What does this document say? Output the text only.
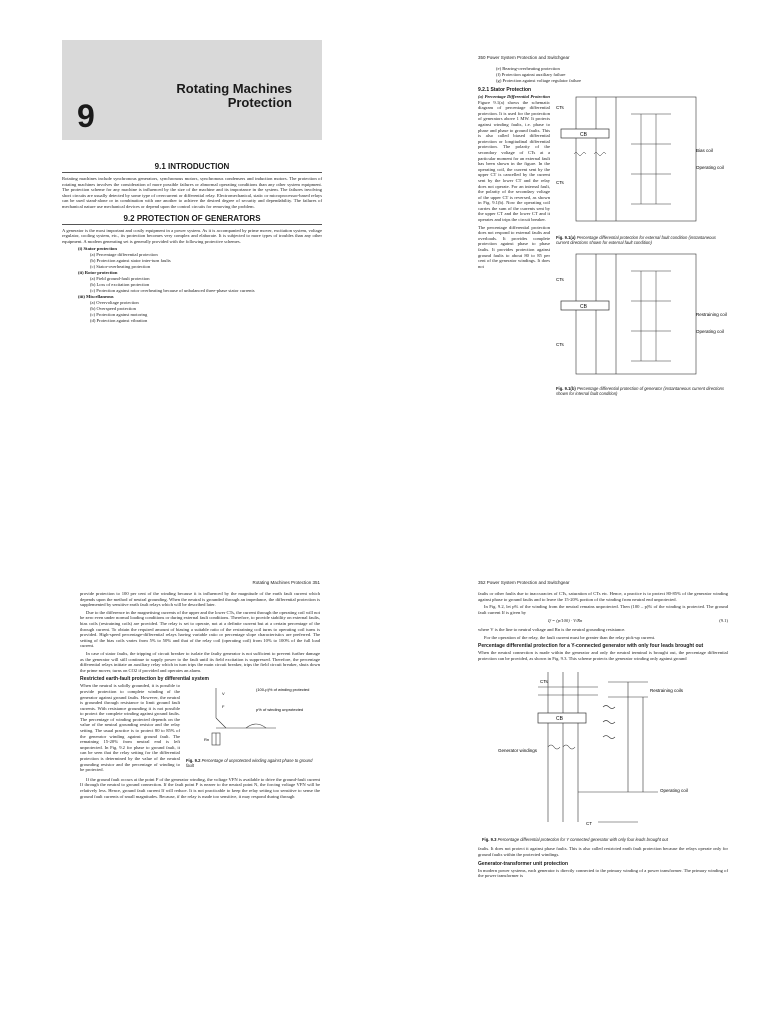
Rotating Machines
Protection
9
9.1 INTRODUCTION

Rotating machines include synchronous generators, synchronous motors, synchronous condensers and induction motors. The protection of rotating machines involves the consideration of more possible failures or abnormal operating conditions than any other system equipment. The protection scheme for any machine is influenced by the size of the machine and its importance in the system. The failures involving short circuits are usually detected by some type of overcurrent or differential relay. Electromechanical, static or microprocessor-based relays can be used stand-alone or in combination with one another to achieve the desired degree of security and dependability. The failures of mechanical nature use mechanical devices or depend upon the control circuits for removing the problem.

9.2 PROTECTION OF GENERATORS

A generator is the most important and costly equipment in a power system. As it is accompanied by prime mover, excitation system, voltage regulator, cooling system, etc., its protection becomes very complex and elaborate. It is subjected to more types of troubles than any other equipment. A modern generating set is generally provided with the following protective schemes.

(i) Stator protection
(a) Percentage differential protection
(b) Protection against stator inter-turn faults
(c) Stator-overheating protection
(ii) Rotor protection
(a) Field ground-fault protection
(b) Loss of excitation protection
(c) Protection against rotor overheating because of unbalanced three-phase stator currents
(iii) Miscellaneous
(a) Overvoltage protection
(b) Overspeed protection
(c) Protection against motoring
(d) Protection against vibration
350 Power System Protection and Switchgear
(e) Bearing-overheating protection
(f) Protection against auxiliary failure
(g) Protection against voltage regulator failure
9.2.1 Stator Protection

(a) Percentage Differential Protection Figure 9.1(a) shows the schematic diagram of percentage differential protection. It is used for the protection of generators above 1 MW. It protects against winding faults, i.e. phase to phase and phase to ground faults. This is also called biased differential protection or longitudinal differential protection. The polarity of the secondary voltage of CTs at a particular moment for an external fault has been shown in the figure. In the operating coil, the current sent by the upper CT is cancelled by the current sent by the lower CT and the relay does not operate. For an internal fault, the polarity of the secondary voltage of the upper CT is reversed, as shown in Fig. 9.1(b). Now the operating coil carries the sum of the currents sent by the upper CT and the lower CT and it operates and trips the circuit breaker.

The percentage differential protection does not respond to external faults and overloads. It provides complete protection against phase to phase faults. It provides protection against ground faults to about 80 to 85 per cent of the generator windings. It does not

CB
CTs
CTs
Bias coil
Operating coil
Fig. 9.1(a) Percentage differential protection for external fault condition (instantaneous current directions shown for external fault condition)
CB
CTs
CTs
Restraining coil
Operating coil
Fig. 9.1(b) Percentage differential protection of generator (instantaneous current directions shown for internal fault condition)
Rotating Machines Protection 351

provide protection to 100 per cent of the winding because it is influenced by the magnitude of the earth fault current which depends upon the method of neutral grounding. When the neutral is grounded through an impedance, the differential protection is supplemented by sensitive earth fault relays which will be described later.

Due to the difference in the magnetising currents of the upper and the lower CTs, the current through the operating coil will not be zero even under normal loading conditions or during external fault conditions. Therefore, to provide stability on external faults, bias coils (restraining coils) are provided. The relay is set to operate, not at a definite current but at a certain percentage of the through current. To obtain the required amount of biasing a suitable ratio of the restraining coil turns to operating coil turns is provided. High-speed percentage-differential relays having variable ratio or percentage slope characteristics are preferred. The setting of the bias coils varies from 5% to 50% and that of the relay coil (operating coil) from 10% to 100% of the full load current.

In case of stator faults, the tripping of circuit breaker to isolate the faulty generator is not sufficient to prevent further damage as the generator will still continue to supply power to the fault until its field excitation is suppressed. Therefore, the percentage differential relays initiate an auxiliary relay which in turn trips the main circuit breaker, trips the field circuit breaker, shuts down the prime mover, turns on CO2 if provided and operates an alarm.

Restricted earth-fault protection by differential system

When the neutral is solidly grounded, it is possible to provide protection to complete winding of the generator against ground faults. However, the neutral is grounded through resistance to limit ground fault currents. With resistance grounding it is not possible to protect the complete winding against ground faults. The percentage of winding protected depends on the value of the neutral grounding resistor and the relay setting. The usual practice is to protect 80 to 85% of the generator winding against ground fault. The remaining 15-20% from neutral end is left unprotected. In Fig. 9.2 for phase to ground fault, it can be seen that the relay setting for the differential protection is determined by the value of the neutral grounding resistor and the percentage of winding to be protected.

V
F
Rn
(100-p)% of winding protected
p% of winding unprotected
Fig. 9.2 Percentage of unprotected winding against phase to ground fault

If the ground fault occurs at the point F of the generator winding, the voltage VFN is available to drive the ground-fault current If through the neutral to ground connection. If the fault point F is nearer to the neutral point N, the forcing voltage VFN will be relatively less. Hence, ground fault current If will reduce. It is not practicable to keep the relay setting too sensitive to sense the ground fault currents of small magnitudes. Because, if the relay is made too sensitive, it may respond during through

352 Power System Protection and Switchgear

faults or other faults due to inaccuracies of CTs, saturation of CTs etc. Hence, a practice is to protect 80-85% of the generator winding against phase to ground faults and to leave the 15-20% portion of the winding from neutral end unprotected.

In Fig. 9.2, let p% of the winding from the neutral remains unprotected. Then (100 – p)% of the winding is protected. The ground fault current If is given by

If = (p/100) · V/Rn	(9.1)

where V is the line to neutral voltage and Rn is the neutral grounding resistance.

For the operation of the relay, the fault current must be greater than the relay pick-up current.

Percentage differential protection for a Y-connected generator with only four leads brought out

When the neutral connection is made within the generator and only the neutral terminal is brought out, the percentage differential protection can be provided, as shown in Fig. 9.3. This scheme protects the generator winding only against ground

CB
CTs
Generator windings
Restraining coils
Operating coil
CT
Fig. 9.3 Percentage differential protection for Y connected generator with only four leads brought out

faults. It does not protect it against phase faults. This is also called restricted earth fault protection because the relays operate only for ground faults within the protected windings.

Generator-transformer unit protection

In modern power systems, each generator is directly connected to the primary winding of a power transformer. The primary winding of the power transformer is
